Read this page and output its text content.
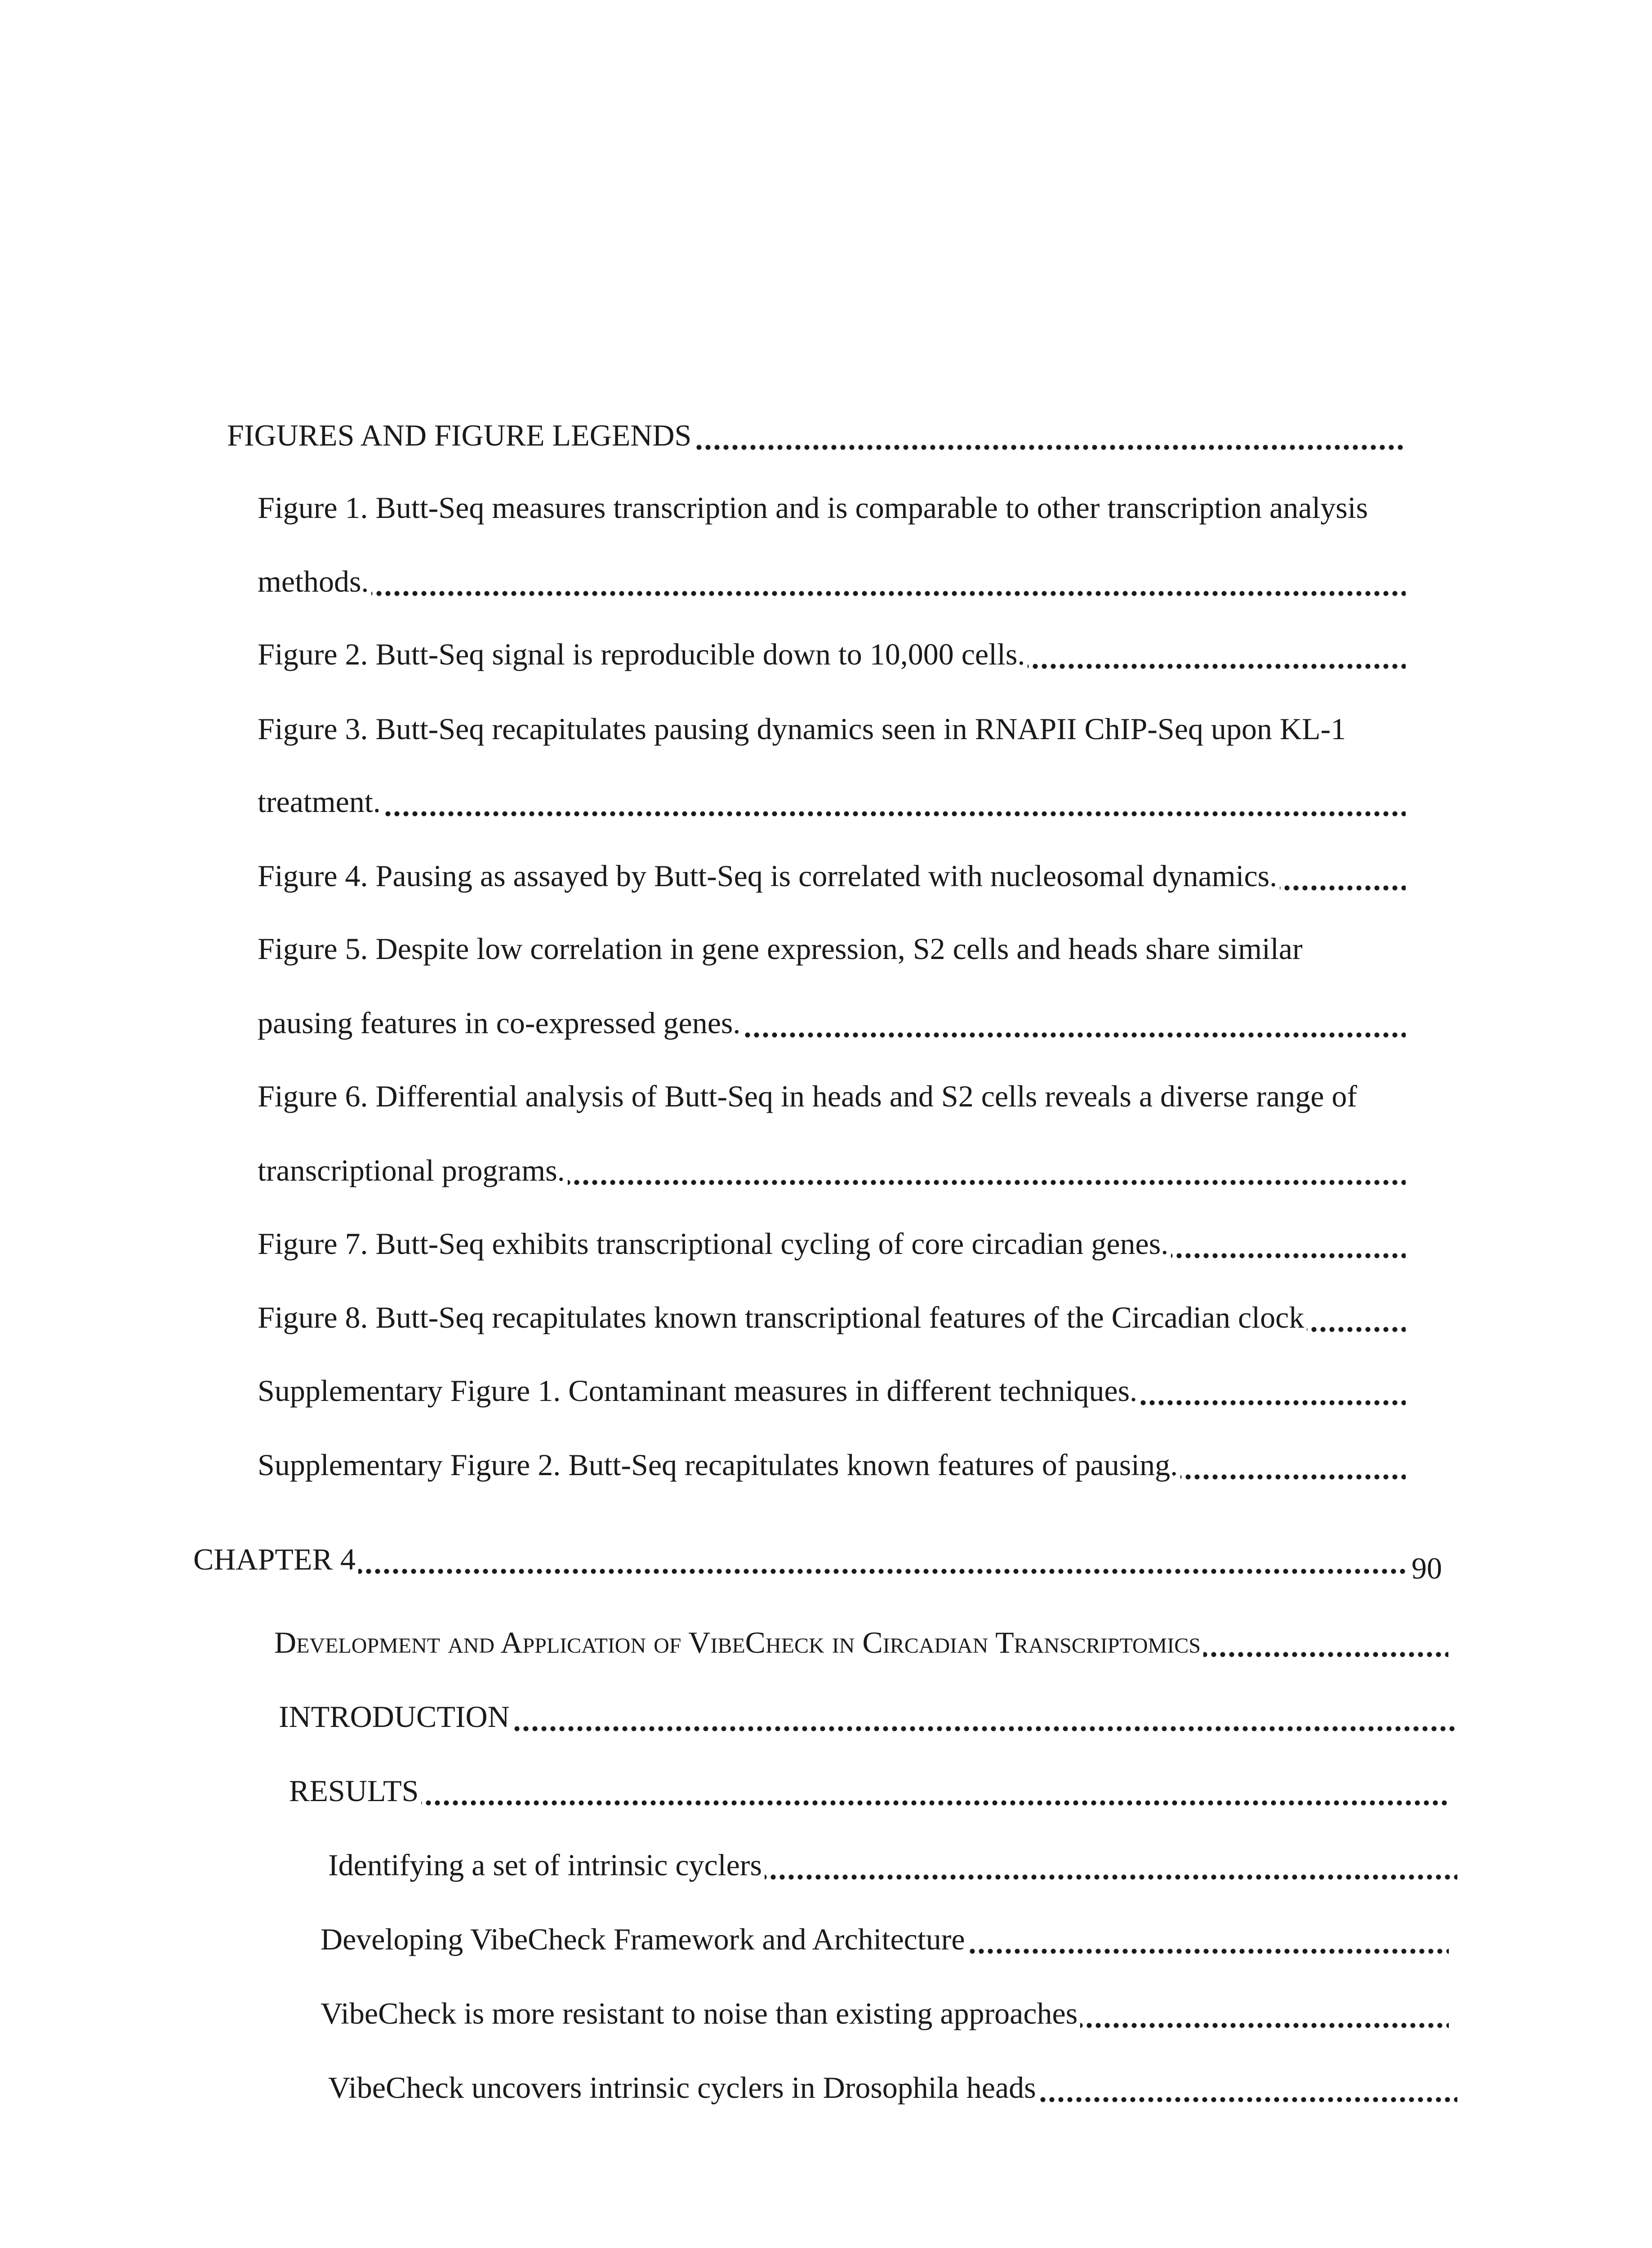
FIGURES AND FIGURE LEGENDS
Figure 1. Butt-Seq measures transcription and is comparable to other transcription analysis
methods.
Figure 2. Butt-Seq signal is reproducible down to 10,000 cells.
Figure 3. Butt-Seq recapitulates pausing dynamics seen in RNAPII ChIP-Seq upon KL-1
treatment.
Figure 4. Pausing as assayed by Butt-Seq is correlated with nucleosomal dynamics.
Figure 5. Despite low correlation in gene expression, S2 cells and heads share similar
pausing features in co-expressed genes.
Figure 6. Differential analysis of Butt-Seq in heads and S2 cells reveals a diverse range of
transcriptional programs.
Figure 7. Butt-Seq exhibits transcriptional cycling of core circadian genes.
Figure 8. Butt-Seq recapitulates known transcriptional features of the Circadian clock
Supplementary Figure 1. Contaminant measures in different techniques.
Supplementary Figure 2. Butt-Seq recapitulates known features of pausing.
CHAPTER 4	90
Development and Application of VibeCheck in Circadian Transcriptomics
INTRODUCTION
RESULTS
Identifying a set of intrinsic cyclers
Developing VibeCheck Framework and Architecture
VibeCheck is more resistant to noise than existing approaches
VibeCheck uncovers intrinsic cyclers in Drosophila heads
